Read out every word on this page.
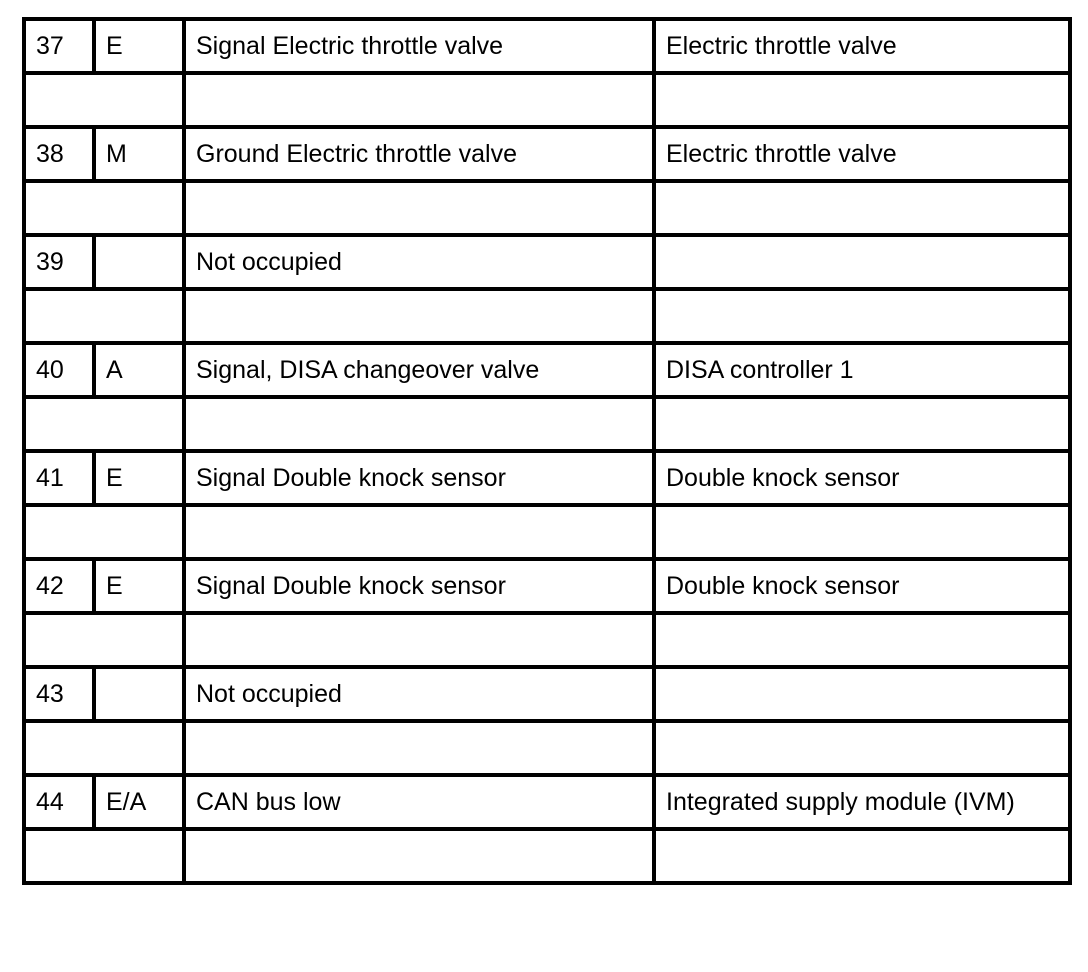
37	E	Signal Electric throttle valve	Electric throttle valve

38	M	Ground Electric throttle valve	Electric throttle valve

39		Not occupied	

40	A	Signal, DISA changeover valve	DISA controller 1

41	E	Signal Double knock sensor	Double knock sensor

42	E	Signal Double knock sensor	Double knock sensor

43		Not occupied	

44	E/A	CAN bus low	Integrated supply module (IVM)
